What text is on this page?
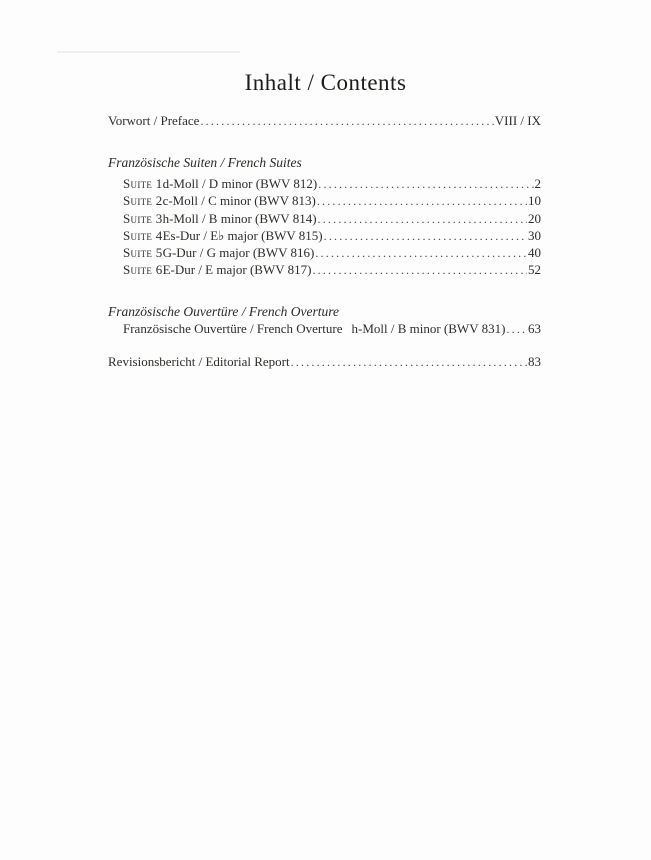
Inhalt / Contents
Vorwort / Preface .....	VIII / IX
Französische Suiten / French Suites
Suite 1 d-Moll / D minor (BWV 812) .....	2
Suite 2 c-Moll / C minor (BWV 813) .....	10
Suite 3 h-Moll / B minor (BWV 814) .....	20
Suite 4 Es-Dur / E♭ major (BWV 815) .....	30
Suite 5 G-Dur / G major (BWV 816) .....	40
Suite 6 E-Dur / E major (BWV 817) .....	52
Französische Ouvertüre / French Overture
Französische Ouvertüre / French Overture h-Moll / B minor (BWV 831) ..... 63
Revisionsbericht / Editorial Report .....	83
